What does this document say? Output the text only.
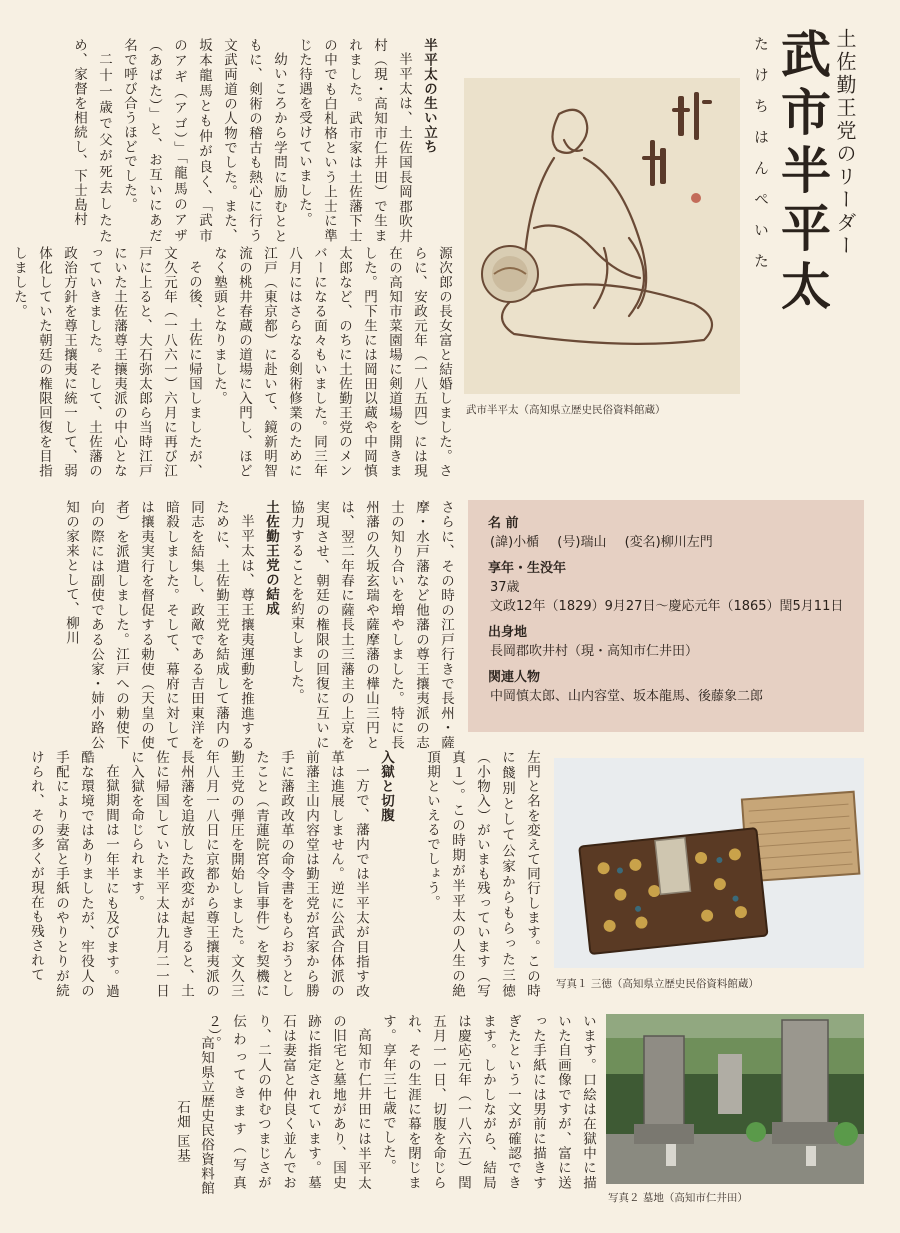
土佐勤王党のリーダー
武市半平太
たけちはんぺいた
武市半平太（高知県立歴史民俗資料館蔵）
半平太の生い立ち

半平太は、土佐国長岡郡吹井村（現・高知市仁井田）で生まれました。武市家は土佐藩下士の中でも白札格という上士に準じた待遇を受けていました。

幼いころから学問に励むとともに、剣術の稽古も熱心に行う文武両道の人物でした。また、坂本龍馬とも仲が良く、「武市のアギ（アゴ）」「龍馬のアザ（あばた）」と、お互いにあだ名で呼び合うほどでした。

二十一歳で父が死去したため、家督を相続し、下士島村

さらに、その時の江戸行きで長州・薩摩・水戸藩など他藩の尊王攘夷派の志士の知り合いを増やしました。特に長州藩の久坂玄瑞や薩摩藩の樺山三円とは、翌二年春に薩長土三藩主の上京を実現させ、朝廷の権限の回復に互いに協力することを約束しました。

土佐勤王党の結成

半平太は、尊王攘夷運動を推進するために、土佐勤王党を結成して藩内の同志を結集し、政敵である吉田東洋を暗殺しました。そして、幕府に対しては攘夷実行を督促する勅使（天皇の使者）を派遣しました。江戸への勅使下向の際には副使である公家・姉小路公知の家来として、柳川	名 前
(諱)小楯 (号)瑞山 (変名)柳川左門
享年・生没年
37歳
文政12年（1829）9月27日～慶応元年（1865）閏5月11日
出身地
長岡郡吹井村（現・高知市仁井田）
関連人物
中岡慎太郎、山内容堂、坂本龍馬、後藤象二郎
写真１ 三徳（高知県立歴史民俗資料館蔵）
写真２ 墓地（高知市仁井田）

左門と名を変えて同行します。この時に餞別として公家からもらった三徳（小物入）がいまも残っています（写真１）。この時期が半平太の人生の絶頂期といえるでしょう。

入獄と切腹

一方で、藩内では半平太が目指す改革は進展しません。逆に公武合体派の前藩主山内容堂は勤王党が宮家から勝手に藩政改革の命令書をもらおうとしたこと（青蓮院宮令旨事件）を契機に勤王党の弾圧を開始しました。文久三年八月一八日に京都から尊王攘夷派の長州藩を追放した政変が起きると、土佐に帰国していた半平太は九月二一日に入獄を命じられます。

在獄期間は一年半にも及びます。過酷な環境ではありましたが、牢役人の手配により妻富と手紙のやりとりが続けられ、その多くが現在も残されて

います。口絵は在獄中に描いた自画像ですが、富に送った手紙には男前に描きすぎたという一文が確認できます。しかしながら、結局は慶応元年（一八六五）閏五月一一日、切腹を命じられ、その生涯に幕を閉じます。享年三七歳でした。

高知市仁井田には半平太の旧宅と墓地があり、国史跡に指定されています。墓石は妻富と仲良く並んでおり、二人の仲むつまじさが伝わってきます（写真２）。

高知県立歴史民俗資料館
石畑 匡基

源次郎の長女富と結婚しました。さらに、安政元年（一八五四）には現在の高知市菜園場に剣道場を開きました。門下生には岡田以蔵や中岡慎太郎など、のちに土佐勤王党のメンバーになる面々もいました。同三年八月にはさらなる剣術修業のために江戸（東京都）に赴いて、鏡新明智流の桃井春蔵の道場に入門し、ほどなく塾頭となりました。

その後、土佐に帰国しましたが、文久元年（一八六一）六月に再び江戸に上ると、大石弥太郎ら当時江戸にいた土佐藩尊王攘夷派の中心となっていきました。そして、土佐藩の政治方針を尊王攘夷に統一して、弱体化していた朝廷の権限回復を目指しました。
